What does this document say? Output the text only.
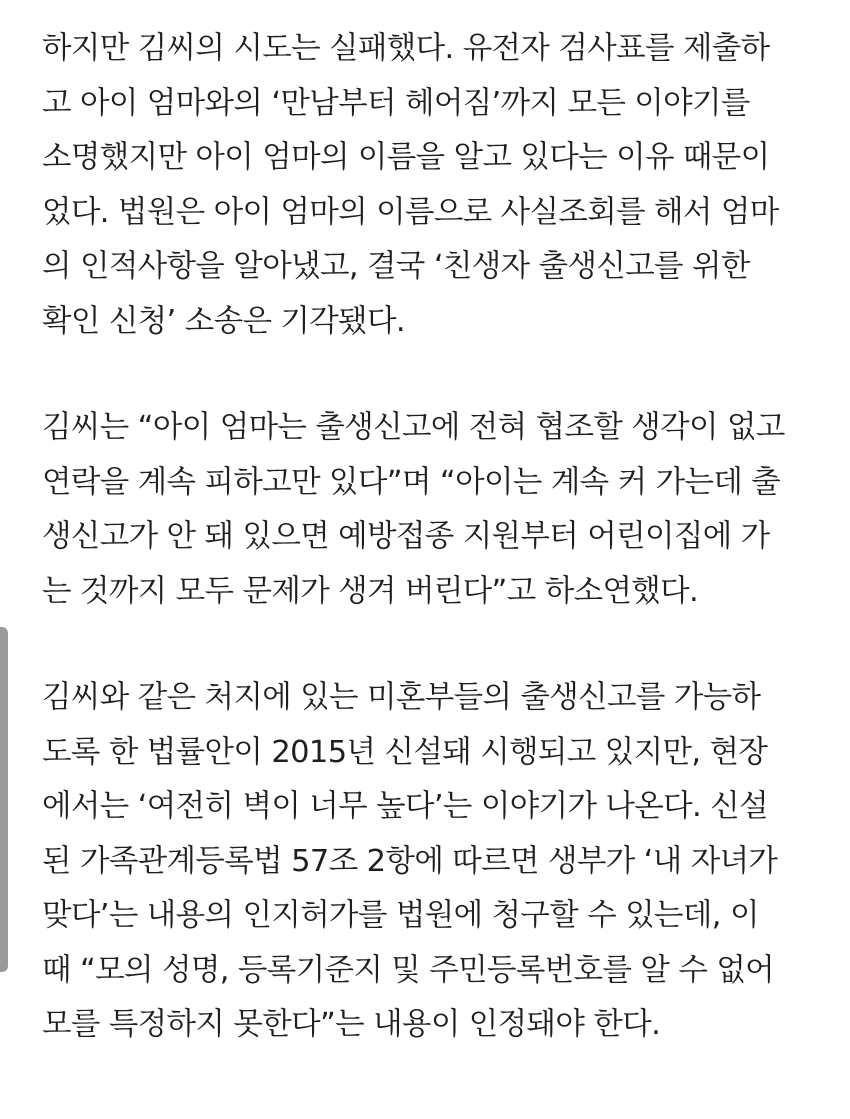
하지만 김씨의 시도는 실패했다. 유전자 검사표를 제출하
고 아이 엄마와의 ‘만남부터 헤어짐’까지 모든 이야기를
소명했지만 아이 엄마의 이름을 알고 있다는 이유 때문이
었다. 법원은 아이 엄마의 이름으로 사실조회를 해서 엄마
의 인적사항을 알아냈고, 결국 ‘친생자 출생신고를 위한
확인 신청’ 소송은 기각됐다.

김씨는 “아이 엄마는 출생신고에 전혀 협조할 생각이 없고
연락을 계속 피하고만 있다”며 “아이는 계속 커 가는데 출
생신고가 안 돼 있으면 예방접종 지원부터 어린이집에 가
는 것까지 모두 문제가 생겨 버린다”고 하소연했다.

김씨와 같은 처지에 있는 미혼부들의 출생신고를 가능하
도록 한 법률안이 2015년 신설돼 시행되고 있지만, 현장
에서는 ‘여전히 벽이 너무 높다’는 이야기가 나온다. 신설
된 가족관계등록법 57조 2항에 따르면 생부가 ‘내 자녀가
맞다’는 내용의 인지허가를 법원에 청구할 수 있는데, 이
때 “모의 성명, 등록기준지 및 주민등록번호를 알 수 없어
모를 특정하지 못한다”는 내용이 인정돼야 한다.
